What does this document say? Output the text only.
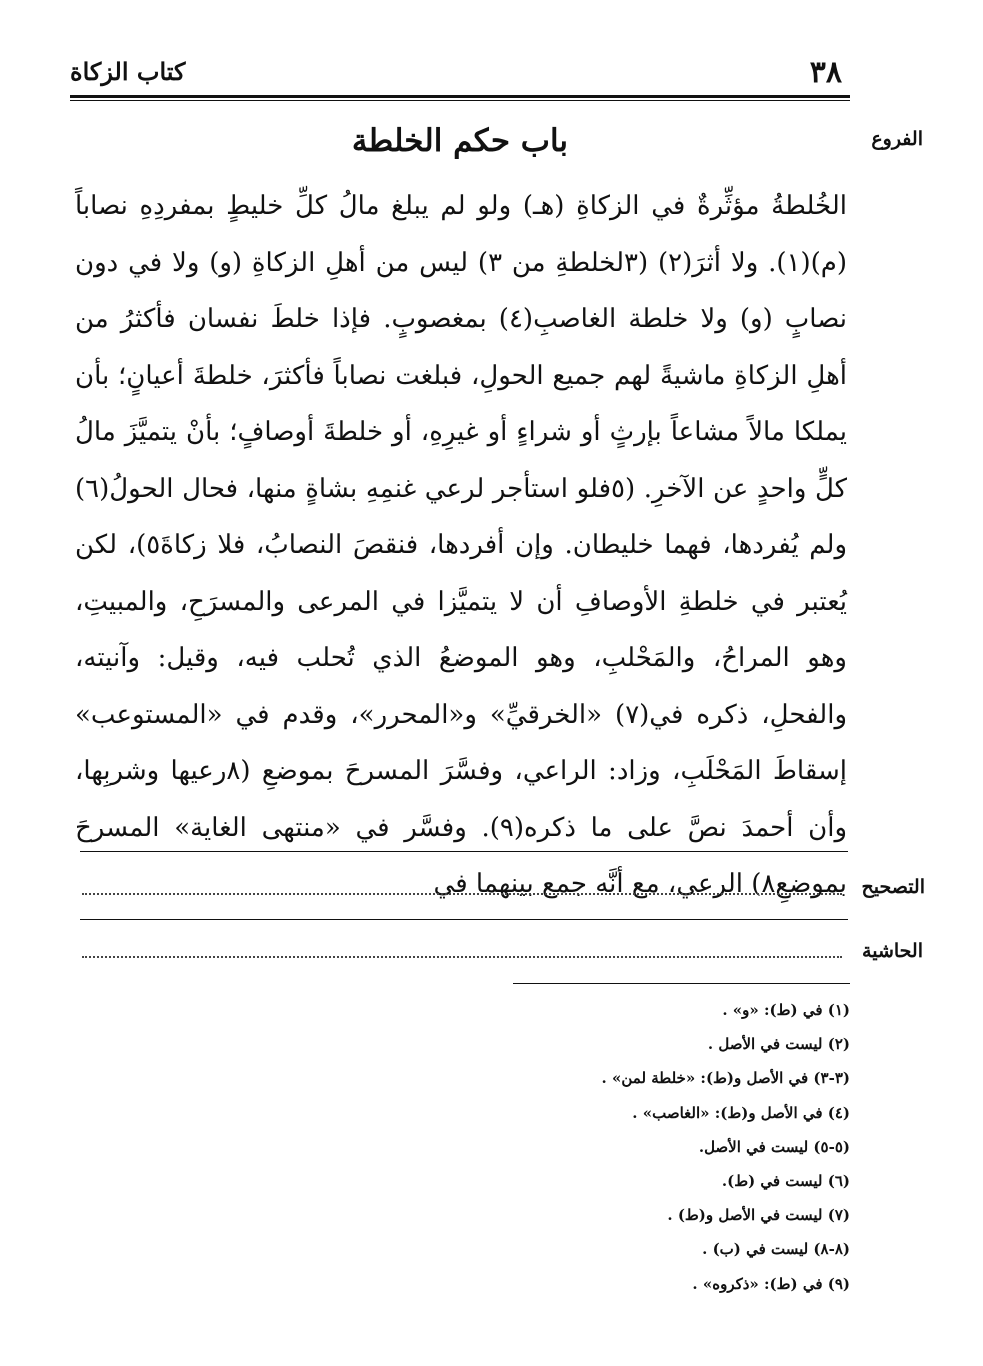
٣٨
كتاب الزكاة
الفروع
باب حكم الخلطة

الخُلطةُ مؤثِّرةٌ في الزكاةِ (هـ) ولو لم يبلغ مالُ كلِّ خليطٍ بمفردِهِ نصاباً (م)(١). ولا أثرَ(٢) (٣لخلطةِ من ٣) ليس من أهلِ الزكاةِ (و) ولا في دون نصابٍ (و) ولا خلطة الغاصبِ(٤) بمغصوبٍ. فإذا خلطَ نفسان فأكثرُ من أهلِ الزكاةِ ماشيةً لهم جميع الحولِ، فبلغت نصاباً فأكثرَ، خلطةَ أعيانٍ؛ بأن يملكا مالاً مشاعاً بإرثٍ أو شراءٍ أو غيرِهِ، أو خلطةَ أوصافٍ؛ بأنْ يتميَّزَ مالُ كلٍّ واحدٍ عن الآخرِ. (٥فلو استأجر لرعي غنمِهِ بشاةٍ منها، فحال الحولُ(٦) ولم يُفردها، فهما خليطان. وإن أفردها، فنقصَ النصابُ، فلا زكاةَ٥)، لكن يُعتبر في خلطةِ الأوصافِ أن لا يتميَّزا في المرعى والمسرَحِ، والمبيتِ، وهو المراحُ، والمَحْلبِ، وهو الموضعُ الذي تُحلب فيه، وقيل: وآنيته، والفحلِ، ذكره في(٧) «الخرقيِّ» و«المحرر»، وقدم في «المستوعب» إسقاطَ المَحْلَبِ، وزاد: الراعي، وفسَّرَ المسرحَ بموضعِ (٨رعيها وشربِها، وأن أحمدَ نصَّ على ما ذكره(٩). وفسَّر في «منتهى الغاية» المسرحَ بموضعِ٨) الرعي، مع أنَّه جمع بينهما في التصحيح
الحاشية
(١) في (ط): «و» .
(٢) ليست في الأصل .
(٣-٣) في الأصل و(ط): «خلطة لمن» .
(٤) في الأصل و(ط): «الغاصب» .
(٥-٥) ليست في الأصل.
(٦) ليست في (ط).
(٧) ليست في الأصل و(ط) .
(٨-٨) ليست في (ب) .
(٩) في (ط): «ذكروه» .
